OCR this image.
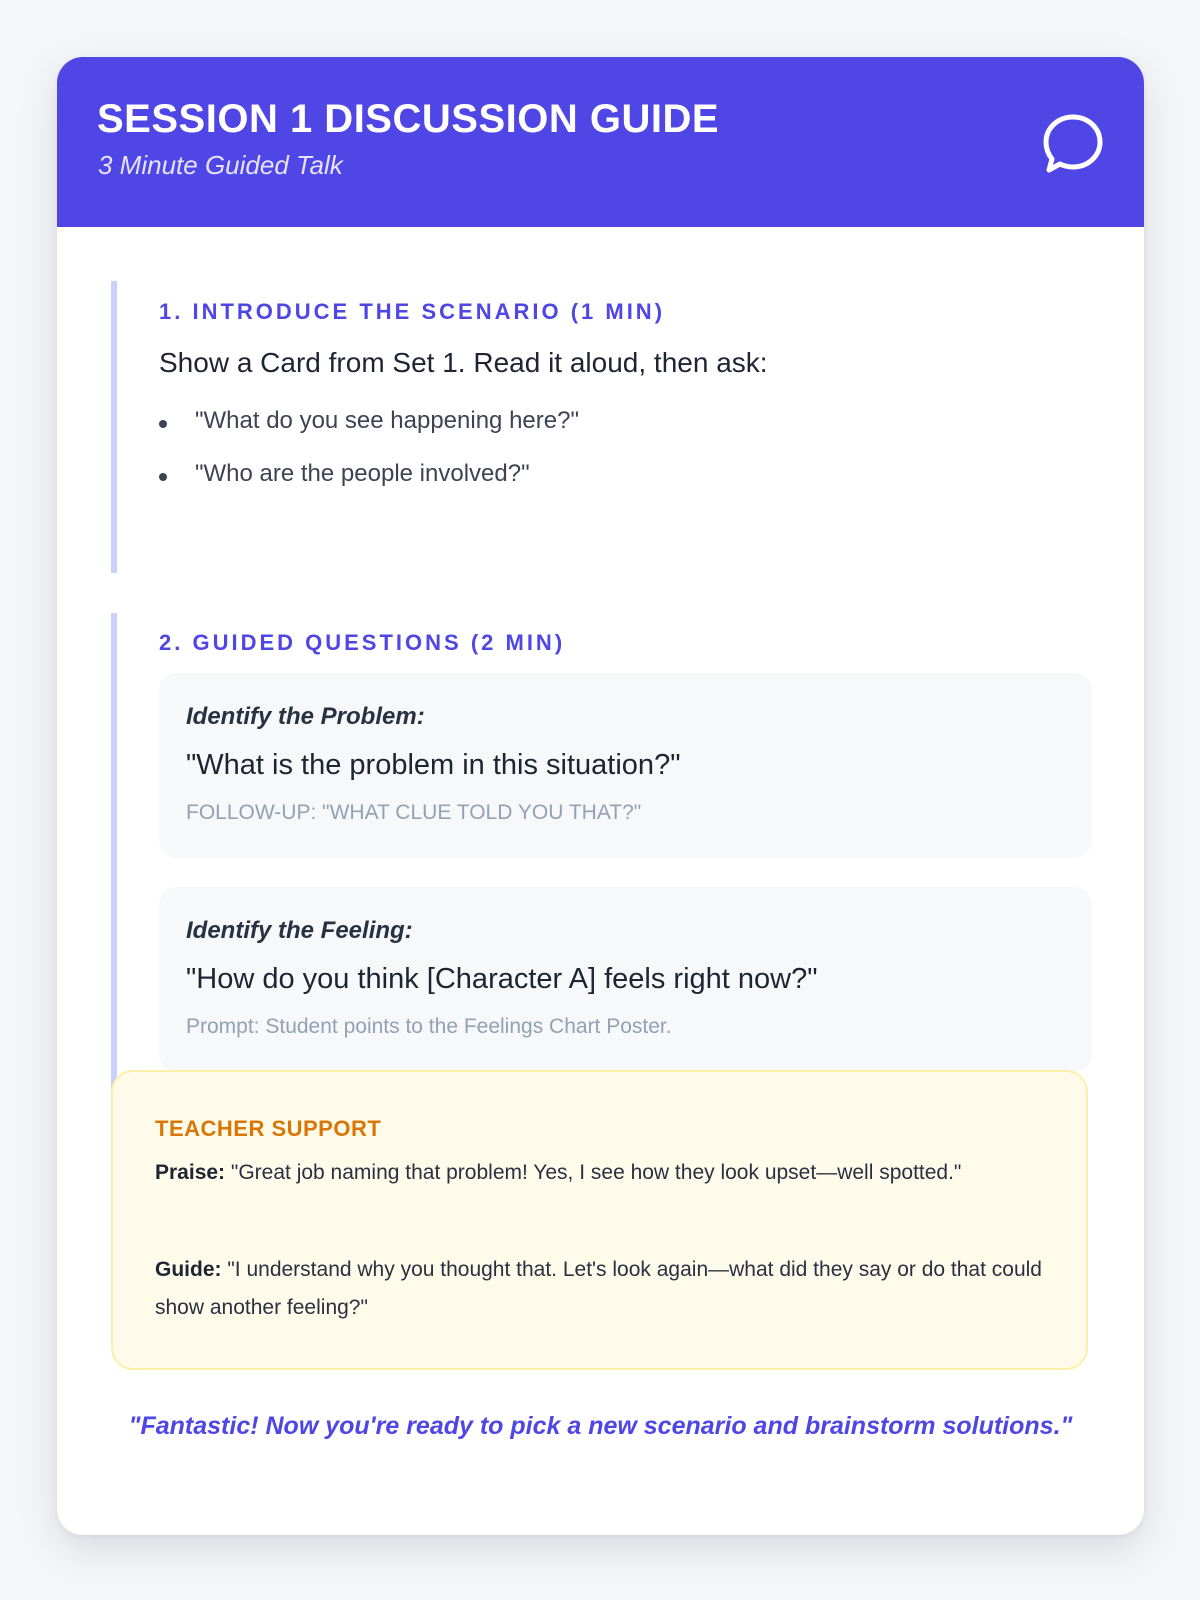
SESSION 1 DISCUSSION GUIDE
3 Minute Guided Talk
1. INTRODUCE THE SCENARIO (1 MIN)
Show a Card from Set 1. Read it aloud, then ask:
"What do you see happening here?"
"Who are the people involved?"
2. GUIDED QUESTIONS (2 MIN)
Identify the Problem:
"What is the problem in this situation?"
FOLLOW-UP: "WHAT CLUE TOLD YOU THAT?"
Identify the Feeling:
"How do you think [Character A] feels right now?"
Prompt: Student points to the Feelings Chart Poster.
TEACHER SUPPORT
Praise: "Great job naming that problem! Yes, I see how they look upset—well spotted."
Guide: "I understand why you thought that. Let's look again—what did they say or do that could show another feeling?"
"Fantastic! Now you're ready to pick a new scenario and brainstorm solutions."
